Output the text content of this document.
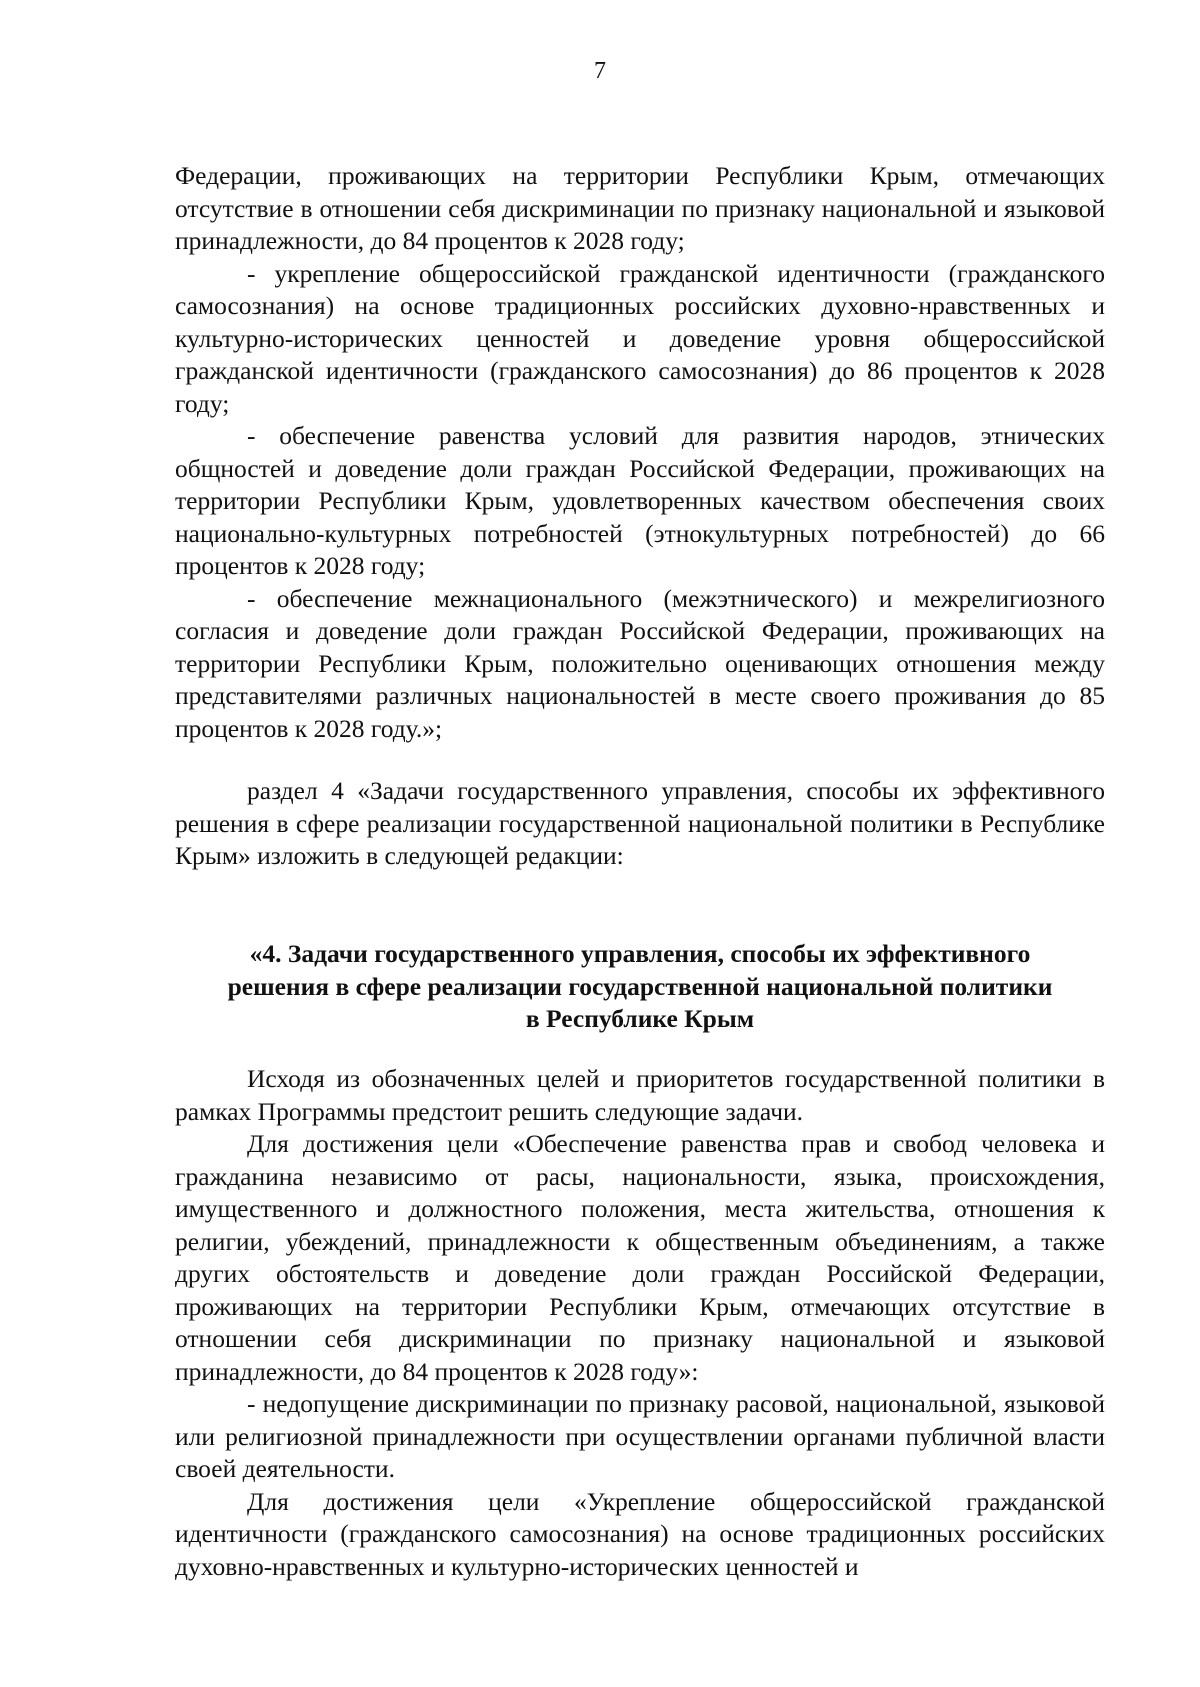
7

Федерации, проживающих на территории Республики Крым, отмечающих отсутствие в отношении себя дискриминации по признаку национальной и языковой принадлежности, до 84 процентов к 2028 году;

- укрепление общероссийской гражданской идентичности (гражданского самосознания) на основе традиционных российских духовно-нравственных и культурно-исторических ценностей и доведение уровня общероссийской гражданской идентичности (гражданского самосознания) до 86 процентов к 2028 году;

- обеспечение равенства условий для развития народов, этнических общностей и доведение доли граждан Российской Федерации, проживающих на территории Республики Крым, удовлетворенных качеством обеспечения своих национально-культурных потребностей (этнокультурных потребностей) до 66 процентов к 2028 году;

- обеспечение межнационального (межэтнического) и межрелигиозного согласия и доведение доли граждан Российской Федерации, проживающих на территории Республики Крым, положительно оценивающих отношения между представителями различных национальностей в месте своего проживания до 85 процентов к 2028 году.»;

раздел 4 «Задачи государственного управления, способы их эффективного решения в сфере реализации государственной национальной политики в Республике Крым» изложить в следующей редакции:

«4. Задачи государственного управления, способы их эффективного
решения в сфере реализации государственной национальной политики
в Республике Крым

Исходя из обозначенных целей и приоритетов государственной политики в рамках Программы предстоит решить следующие задачи.

Для достижения цели «Обеспечение равенства прав и свобод человека и гражданина независимо от расы, национальности, языка, происхождения, имущественного и должностного положения, места жительства, отношения к религии, убеждений, принадлежности к общественным объединениям, а также других обстоятельств и доведение доли граждан Российской Федерации, проживающих на территории Республики Крым, отмечающих отсутствие в отношении себя дискриминации по признаку национальной и языковой принадлежности, до 84 процентов к 2028 году»:

- недопущение дискриминации по признаку расовой, национальной, языковой или религиозной принадлежности при осуществлении органами публичной власти своей деятельности.

Для достижения цели «Укрепление общероссийской гражданской идентичности (гражданского самосознания) на основе традиционных российских духовно-нравственных и культурно-исторических ценностей и
